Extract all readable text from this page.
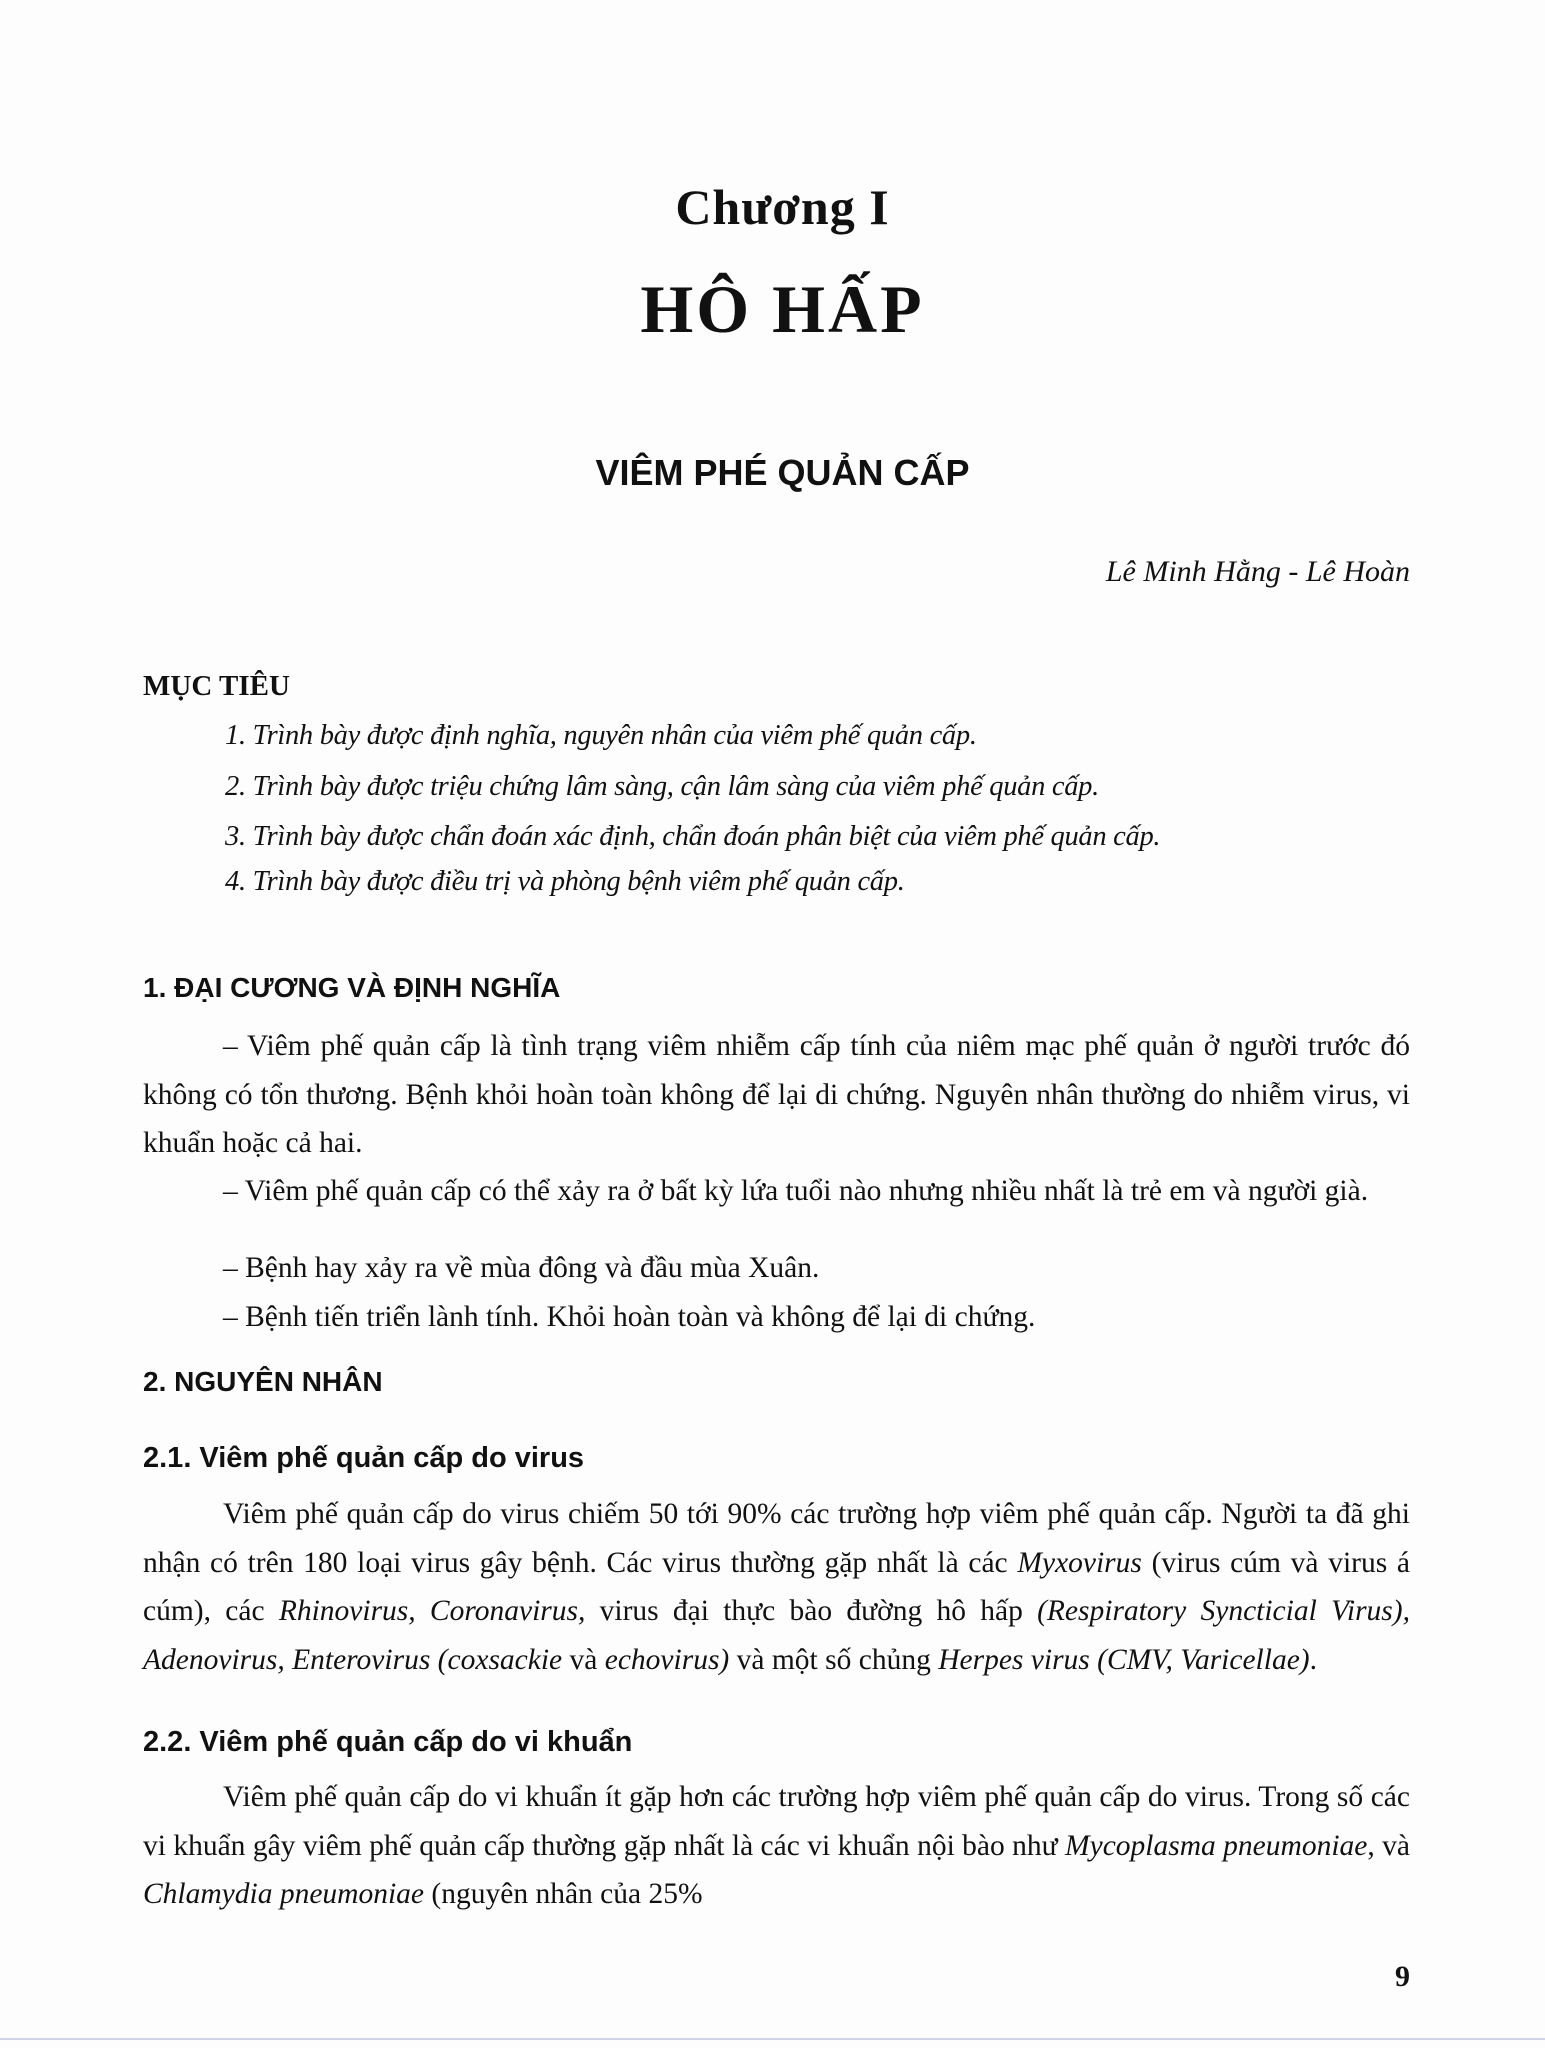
Chương I
HÔ HẤP
VIÊM PHÉ QUẢN CẤP
Lê Minh Hằng - Lê Hoàn
MỤC TIÊU
1. Trình bày được định nghĩa, nguyên nhân của viêm phế quản cấp.
2. Trình bày được triệu chứng lâm sàng, cận lâm sàng của viêm phế quản cấp.
3. Trình bày được chẩn đoán xác định, chẩn đoán phân biệt của viêm phế quản cấp.
4. Trình bày được điều trị và phòng bệnh viêm phế quản cấp.
1. ĐẠI CƯƠNG VÀ ĐỊNH NGHĨA
– Viêm phế quản cấp là tình trạng viêm nhiễm cấp tính của niêm mạc phế quản ở người trước đó không có tổn thương. Bệnh khỏi hoàn toàn không để lại di chứng. Nguyên nhân thường do nhiễm virus, vi khuẩn hoặc cả hai.
– Viêm phế quản cấp có thể xảy ra ở bất kỳ lứa tuổi nào nhưng nhiều nhất là trẻ em và người già.
– Bệnh hay xảy ra về mùa đông và đầu mùa Xuân.
– Bệnh tiến triển lành tính. Khỏi hoàn toàn và không để lại di chứng.
2. NGUYÊN NHÂN
2.1. Viêm phế quản cấp do virus
Viêm phế quản cấp do virus chiếm 50 tới 90% các trường hợp viêm phế quản cấp. Người ta đã ghi nhận có trên 180 loại virus gây bệnh. Các virus thường gặp nhất là các Myxovirus (virus cúm và virus á cúm), các Rhinovirus, Coronavirus, virus đại thực bào đường hô hấp (Respiratory Syncticial Virus), Adenovirus, Enterovirus (coxsackie và echovirus) và một số chủng Herpes virus (CMV, Varicellae).
2.2. Viêm phế quản cấp do vi khuẩn
Viêm phế quản cấp do vi khuẩn ít gặp hơn các trường hợp viêm phế quản cấp do virus. Trong số các vi khuẩn gây viêm phế quản cấp thường gặp nhất là các vi khuẩn nội bào như Mycoplasma pneumoniae, và Chlamydia pneumoniae (nguyên nhân của 25%
9
